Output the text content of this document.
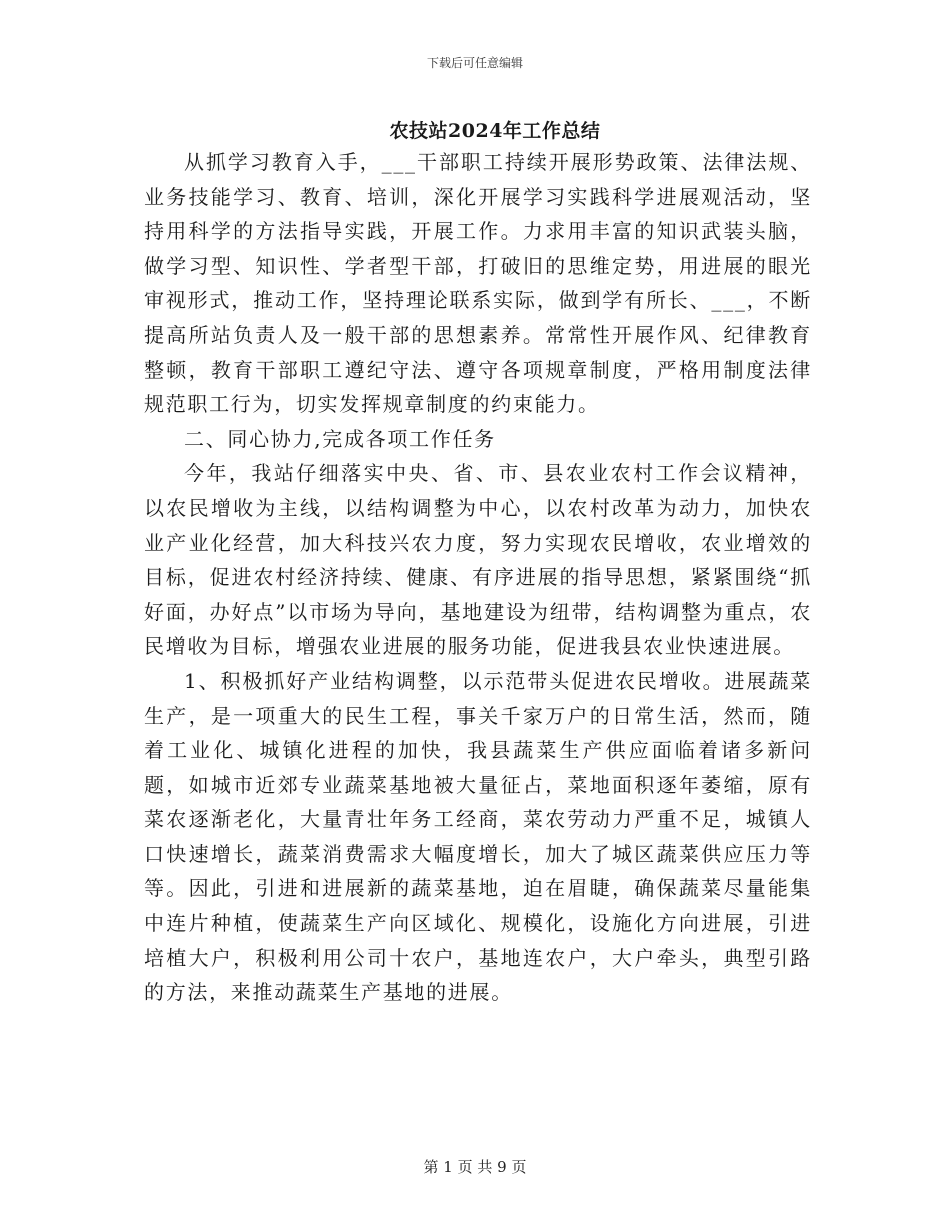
下载后可任意编辑
农技站2024年工作总结

从抓学习教育入手，___干部职工持续开展形势政策、法律法规、业务技能学习、教育、培训，深化开展学习实践科学进展观活动，坚持用科学的方法指导实践，开展工作。力求用丰富的知识武装头脑，做学习型、知识性、学者型干部，打破旧的思维定势，用进展的眼光审视形式，推动工作，坚持理论联系实际，做到学有所长、___，不断提高所站负责人及一般干部的思想素养。常常性开展作风、纪律教育整顿，教育干部职工遵纪守法、遵守各项规章制度，严格用制度法律规范职工行为，切实发挥规章制度的约束能力。

二、同心协力,完成各项工作任务

今年，我站仔细落实中央、省、市、县农业农村工作会议精神，以农民增收为主线，以结构调整为中心，以农村改革为动力，加快农业产业化经营，加大科技兴农力度，努力实现农民增收，农业增效的目标，促进农村经济持续、健康、有序进展的指导思想，紧紧围绕“抓好面，办好点”以市场为导向，基地建设为纽带，结构调整为重点，农民增收为目标，增强农业进展的服务功能，促进我县农业快速进展。

1、积极抓好产业结构调整，以示范带头促进农民增收。进展蔬菜生产，是一项重大的民生工程，事关千家万户的日常生活，然而，随着工业化、城镇化进程的加快，我县蔬菜生产供应面临着诸多新问题，如城市近郊专业蔬菜基地被大量征占，菜地面积逐年萎缩，原有菜农逐渐老化，大量青壮年务工经商，菜农劳动力严重不足，城镇人口快速增长，蔬菜消费需求大幅度增长，加大了城区蔬菜供应压力等等。因此，引进和进展新的蔬菜基地，迫在眉睫，确保蔬菜尽量能集中连片种植，使蔬菜生产向区域化、规模化，设施化方向进展，引进培植大户，积极利用公司十农户，基地连农户，大户牵头，典型引路的方法，来推动蔬菜生产基地的进展。

第 1 页 共 9 页
